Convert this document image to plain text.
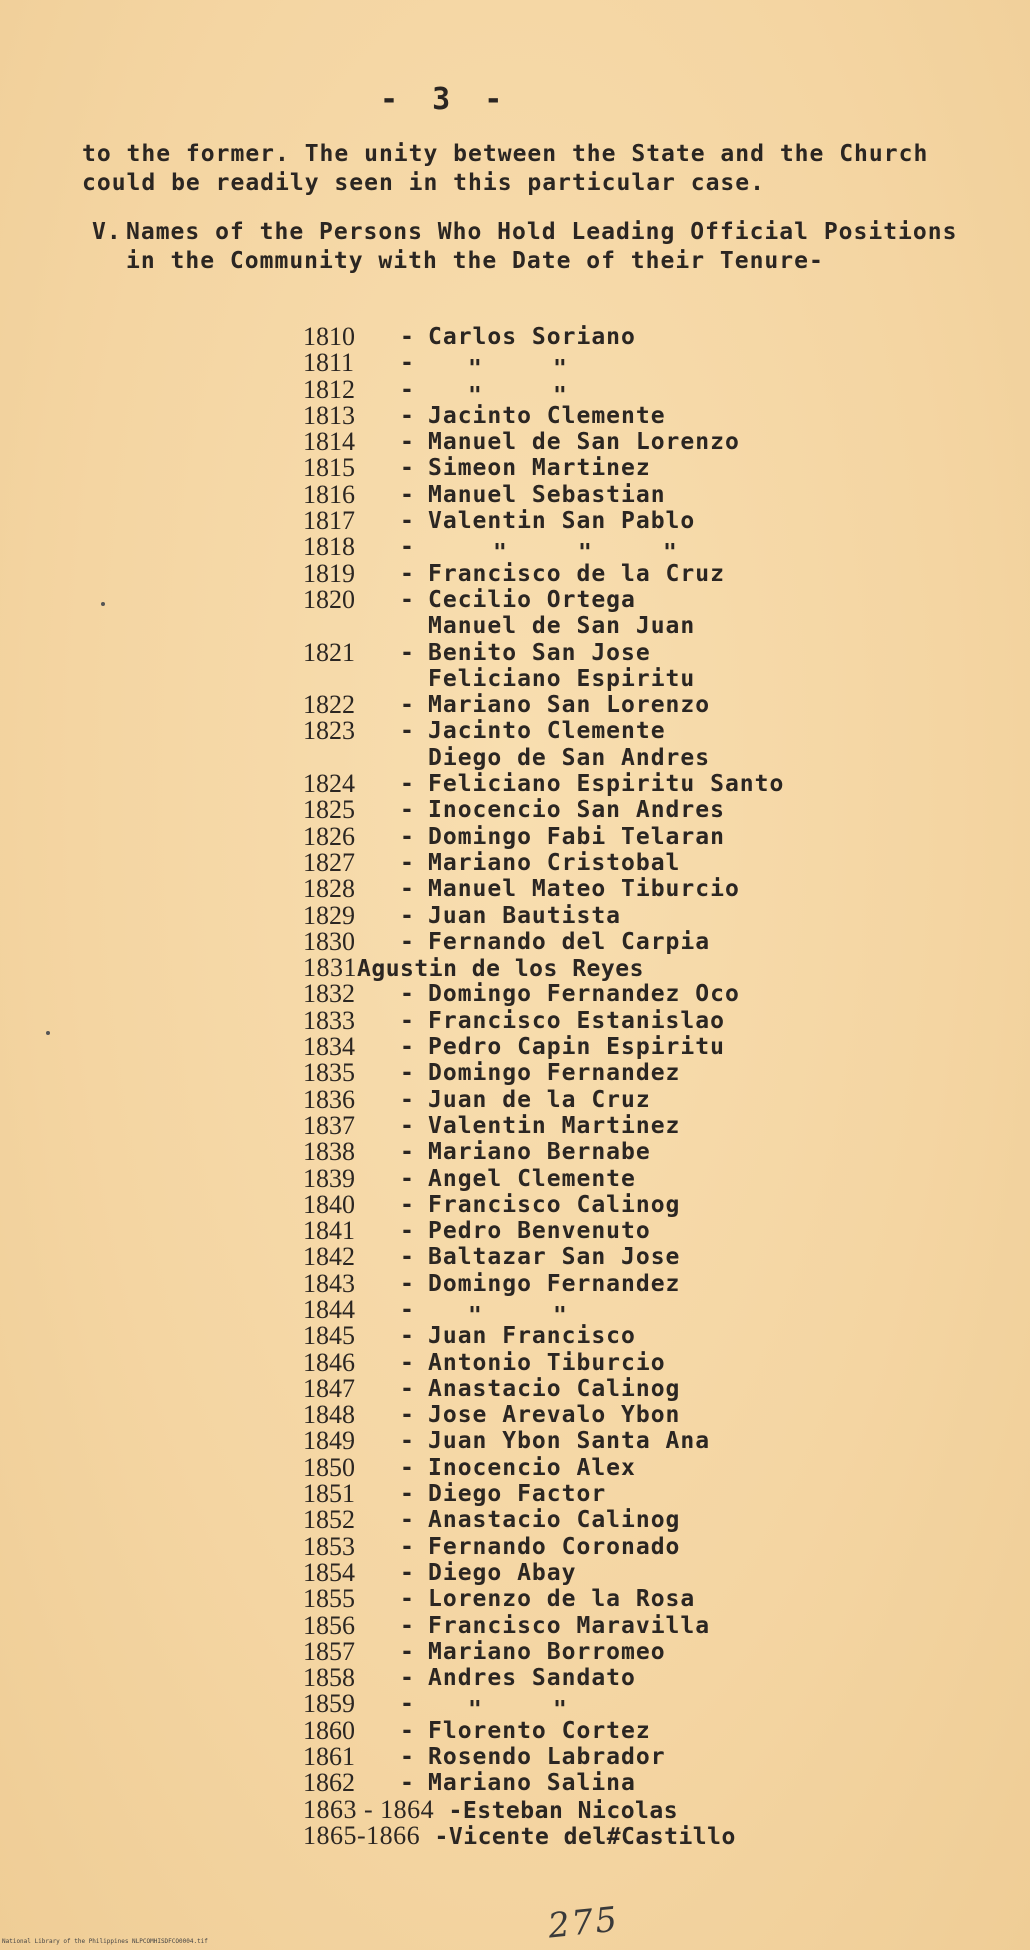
- 3 -

to the former. The unity between the State and the Church could be readily seen in this particular case.

V. Names of the Persons Who Hold Leading Official Positions in the Community with the Date of their Tenure-

1810 - Carlos Soriano
1811 - "	"
1812 - "	"
1813 - Jacinto Clemente
1814 - Manuel de San Lorenzo
1815 - Simeon Martinez
1816 - Manuel Sebastian
1817 - Valentin San Pablo
1818 -	"	"	"
1819 - Francisco de la Cruz
1820 - Cecilio Ortega
Manuel de San Juan
1821 - Benito San Jose
Feliciano Espiritu
1822 - Mariano San Lorenzo
1823 - Jacinto Clemente
Diego de San Andres
1824 - Feliciano Espiritu Santo
1825 - Inocencio San Andres
1826 - Domingo Fabi Telaran
1827 - Mariano Cristobal
1828 - Manuel Mateo Tiburcio
1829 - Juan Bautista
1830 - Fernando del Carpia
1831Agustin de los Reyes
1832 - Domingo Fernandez Oco
1833 - Francisco Estanislao
1834 - Pedro Capin Espiritu
1835 - Domingo Fernandez
1836 - Juan de la Cruz
1837 - Valentin Martinez
1838 - Mariano Bernabe
1839 - Angel Clemente
1840 - Francisco Calinog
1841 - Pedro Benvenuto
1842 - Baltazar San Jose
1843 - Domingo Fernandez
1844 - "	"
1845 - Juan Francisco
1846 - Antonio Tiburcio
1847 - Anastacio Calinog
1848 - Jose Arevalo Ybon
1849 - Juan Ybon Santa Ana
1850 - Inocencio Alex
1851 - Diego Factor
1852 - Anastacio Calinog
1853 - Fernando Coronado
1854 - Diego Abay
1855 - Lorenzo de la Rosa
1856 - Francisco Maravilla
1857 - Mariano Borromeo
1858 - Andres Sandato
1859 - "	"
1860 - Florento Cortez
1861 - Rosendo Labrador
1862 - Mariano Salina
1863 - 1864 -Esteban Nicolas
1865-1866 -Vicente del#Castillo
275
National Library of the Philippines NLPCOMHISDFCO0004.tif
